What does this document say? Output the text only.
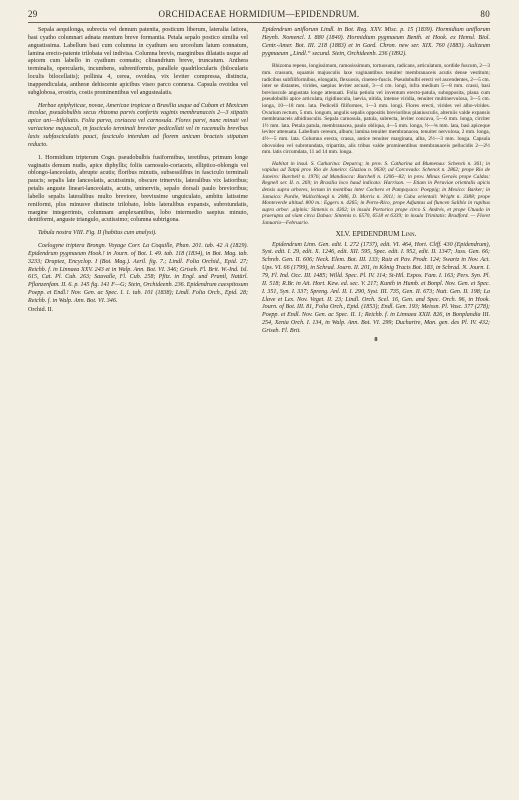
29	ORCHIDACEAE HORMIDIUM—EPIDENDRUM.	80

Sepala aequilonga, subrecta vel demum patentia, posticum liberum, lateralia latiora, basi cyatho columnari adnata mentum breve formantia. Petala sepalo postico similia vel angustissima. Labellum basi cum columna in cyathum seu urceolum latum connatum, lamina erecto-patente trilobata vel indivisa. Columna brevis, marginibus dilatatis usque ad apicem cum labello in cyathum connatis; clinandrium breve, truncatum. Anthera terminalis, opercularis, incumbens, subreniformis, parallele quadrilocularis (bilocularis loculis bilocellatis); pollinia 4, cerea, ovoidea, vix leviter compressa, distincta, inappendiculata, antheræ dehiscente apicibus viseo parco connexa. Capsula ovoidea vel subglobosa, erostris, costis prominentibus vel angustealatis.

Herbae epiphyticae, novae, Americae tropicae a Brasilia usque ad Cubam et Mexicum incolae, pseudobulbis secus rhizoma parvis confertis vaginis membranaceis 2—3 stipatis apice uni—bifoliatis. Folia parva, coriacea vel carnosula. Flores parvi, nunc minuti vel variacione majusculi, in fasciculo terminali breviter pedicellati vel in racemulis brevibus laxis subfasciculatis pauci, fasciculo interdum ad florem unicum bracteis stipatum reducto.

1. Hormidium tripterum Cogn. pseudobulbis fusiformibus, teretibus, primum longe vaginatis demum nudis, apice diphyllis; foliis carnosulo-coriaceis, elliptico-oblongis vel oblongo-lanceolatis, abrupte acutis; floribus minutis, subsessilibus in fasciculo terminali paucis; sepalis late lanceolatis, acutissimis, obscure trinerviis, lateralibus vix latioribus; petalis anguste lineari-lanceolatis, acutis, uninerviis, sepalo dorsali paulo brevioribus; labello sepalis lateralibus multo breviore, breviusime unguiculato, ambitu latissime reniformi, plus minusve distincte trilobato, lobis lateralibus expansis, subrotundatis, margine integerrimis, columnam amplexantibus, lobo intermedio saepius minuto, dentiformi, anguste triangulo, acutissimo; columna subtrigona.

Tabula nostra VIII. Fig. II (habitus cum analysi).

Coelogyne triptera Brongn. Voyage Corr. La Coquille, Phan. 201. tab. 42 A (1829). Epidendrum pygmaeum Hook.! in Journ. of Bot. I. 49. tab. 118 (1834), in Bot. Mag. tab. 3233; Drapiez, Encyclop. I (Bot. Mag.). Aeril. fig. 7.; Lindl. Folia Orchid., Epid. 27; Reichb. f. in Linnaea XXV. 243 et in Walp. Ann. Bot. VI. 346; Griseb. Fl. Brit. W.-Ind. Isl. 615, Cat. Pl. Cub. 263; Sauvalle, Fl. Cub. 258; Pfitz. in Engl. und Prantl, Natürl. Pflanzenfam. II. 6. p. 145 fig. 141 F—G; Stein, Orchideenb. 236. Epidendrum caespitosum Poepp. et Endl.! Nov. Gen. ac Spec. I. 1. tab. 101 (1838); Lindl. Folia Orch., Epid. 28; Reichb. f. in Walp. Ann. Bot. VI. 346.

Orchid. II.

Epidendrum uniflorum Lindl. in Bot. Reg. XXV. Misc. p. 15 (1839). Hormidium uniflorum Heynh. Nomencl. I. 880 (1840). Hormidium pygmaeum Benth. et Hook. ex Hemsl. Biol. Centr.-Amer. Bot. III. 218 (1883) et in Gard. Chron. new ser. XIX. 760 (1883). Aulizeum pygmaeum „Lindl.“ secund. Stein, Orchideenb. 236 (1892).

Rhizoma repens, longissimum, ramosissimum, tortuosum, radicans, articulatum, sordide fuscum, 2—3 mm. crassum, squamis majusculis laxe vaginantibus tenuiter membranaceis acutis dense vestitum; radicibus subfiliformibus, elongatis, flexuosis, cinereo-fuscis. Pseudobulbi erecti vel ascendentes, 2—5 cm. inter se distantes, virides, saepius leviter arcuati, 3—4 cm. longi, infra medium 5—8 mm. crassi, basi breviuscule angustata longe attenuati. Folia petiola vel inventum erecto-patula, subopposita, plana cum pseudobulbi apice articulata, rigidiuscula, laevia, nitida, intense viridia, tenuiter multinervulosa, 3—5 cm. longa, 10—18 mm. lata. Pedicelli filiformes, 1—3 mm. longi. Flores erecti, virides vel albo-virides. Ovarium rectum, 5 mm. longum, angulis sepalis oppositis brevioribus planiusculis, alterniis valde expansis membranaceis albidiusculis. Sepala carnosula, patula, subrecta, leviter concava, 5—6 mm. longa, circiter 1½ mm. lata. Petala patula, membranacea, paulo obliqua, 4—5 mm. longa, ½—¾ mm. lata, basi apiceque leviter attenuata. Labellum cereum, album; lamina tenuiter membranacea, tenuiter nervulosa, 2 mm. longa, 4½—5 mm. lata. Columna erecta, crassa, antice tenuiter marginata, alba, 2½—3 mm. longa. Capsula obovoidea vel subrotundata, tripartita, alis tribus valde prominentibus membranaceis pellucidis 2—2½ mm. latis circumdata, 11 ad 14 mm. longa.

Habitat in insul. S. Catharina: Deparcq; in prov. S. Catharina ad Blumenau: Schenck n. 361; in vapidus ad Tatpú prov. Rio de Janeiro: Glaziou n. 9630; ad Corcovado: Schenck n. 2862; prope Rio de Janeiro: Burchell n. 1976; ad Mandiocca: Burchell n. 1206—82; in prov. Minas Geraës prope Caldas: Regnell ser. II. n. 269; in Brasilia loco haud indicato: Harrison. — Etiam in Peruviae orientalis apicis densis supra arbores, lectum in montibus inter Cochero et Pampayaco: Poeppig; in Mexico: Barker; in Jamaica: Purdie, Wullschlaegl n. 2086, D. Morris n. 3011; in Cuba orientali: Wright n. 3388; prope Monteverde altitud. 800 m.: Eggers n. 4265; in Porto-Rico, prope Adjuntas ad fluncen Saliblo in rupibus supra arbor. ,alpinis: Sintenis n. 4302; in insula Portorico prope circo S. Andrés, et prope Utuado in praerupta ad viam circa Dabao: Sintenis n. 6570, 6518 et 6339; in insula Trinitatis: Bradford. — Floret Januario—Februario.

XLV. EPIDENDRUM Linn.

Epidendrum Linn. Gen. edit. I. 272 (1737), edit. VI. 464, Hort. Cliff. 430 (Epidendrum), Syst. edit. I. 29, edit. X. 1246, edit. XII. 595, Spec. edit. I. 952, edit. II. 1347; Juss. Gen. 66; Schreb. Gen. II. 606; Neck. Elem. Bot. III. 133; Ruiz et Pav. Prodr. 124; Swartz in Nov. Act. Ups. VI. 66 (1799), in Schrad. Journ. II. 201, in Kõnig Tracts Bot. 183, in Schrad. N. Journ. I. 79, Fl. Ind. Occ. III. 1485; Willd. Spec. Pl. IV. 114; St-Hil. Expos. Fam. I. 163; Pers. Syn. Pl. II. 518; R.Br. in Ait. Hort. Kew. ed. sec. V. 217; Kunth in Humb. et Bonpl. Nov. Gen. et Spec. I. 351, Syn. I. 337; Spreng. Anl. II. I. 290, Syst. III. 735, Gen. II. 673; Nutt. Gen. II. 198; La Llave et Lex. Nov. Veget. II. 23; Lindl. Orch. Scel. 16, Gen. and Spec. Orch. 96, in Hook. Journ. of Bot. III. 81, Folia Orch., Epid. (1853); Endl. Gen. 193; Meissn. Pl. Vasc. 377 (278); Poepp. et Endl. Nov. Gen. ac Spec. II. 1; Reichb. f. in Linnaea XXII. 826, in Bonplandia III. 254, Xenia Orch. I. 134, in Walp. Ann. Bot. VI. 299; Duchartre, Man. gen. des Pl. IV. 432; Griseb. Fl. Brit.

8
